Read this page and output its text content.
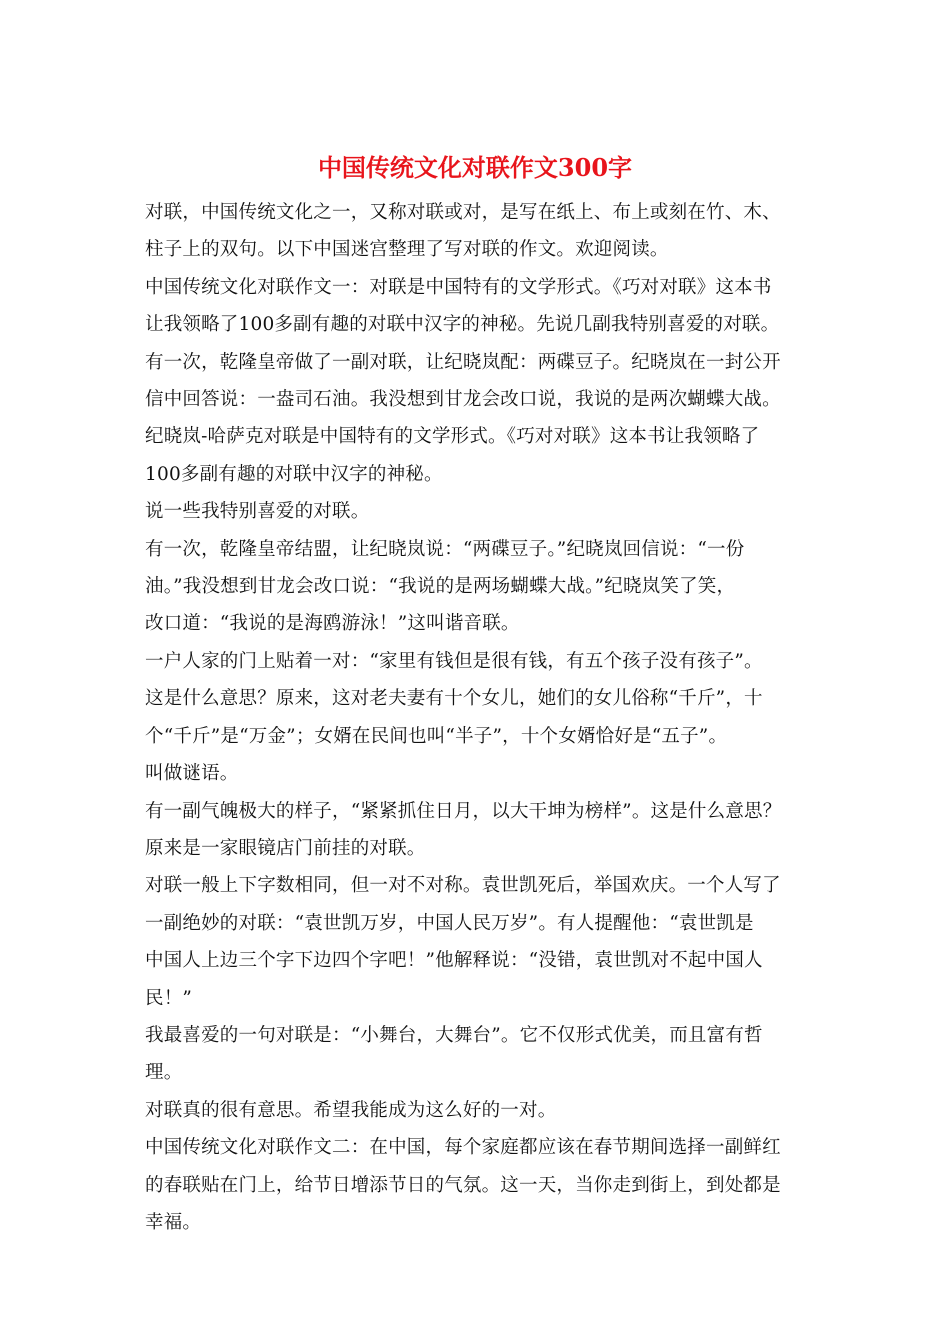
中国传统文化对联作文300字

对联，中国传统文化之一，又称对联或对，是写在纸上、布上或刻在竹、木、

柱子上的双句。以下中国迷宫整理了写对联的作文。欢迎阅读。

中国传统文化对联作文一：对联是中国特有的文学形式。《巧对对联》这本书

让我领略了100多副有趣的对联中汉字的神秘。先说几副我特别喜爱的对联。

有一次，乾隆皇帝做了一副对联，让纪晓岚配：两碟豆子。纪晓岚在一封公开

信中回答说：一盎司石油。我没想到甘龙会改口说，我说的是两次蝴蝶大战。

纪晓岚-哈萨克对联是中国特有的文学形式。《巧对对联》这本书让我领略了

100多副有趣的对联中汉字的神秘。

说一些我特别喜爱的对联。

有一次，乾隆皇帝结盟，让纪晓岚说：“两碟豆子。”纪晓岚回信说：“一份

油。”我没想到甘龙会改口说：“我说的是两场蝴蝶大战。”纪晓岚笑了笑，

改口道：“我说的是海鸥游泳！”这叫谐音联。

一户人家的门上贴着一对：“家里有钱但是很有钱，有五个孩子没有孩子”。

这是什么意思？原来，这对老夫妻有十个女儿，她们的女儿俗称“千斤”，十

个“千斤”是“万金”；女婿在民间也叫“半子”，十个女婿恰好是“五子”。

叫做谜语。

有一副气魄极大的样子，“紧紧抓住日月，以大干坤为榜样”。这是什么意思？

原来是一家眼镜店门前挂的对联。

对联一般上下字数相同，但一对不对称。袁世凯死后，举国欢庆。一个人写了

一副绝妙的对联：“袁世凯万岁，中国人民万岁”。有人提醒他：“袁世凯是

中国人上边三个字下边四个字吧！”他解释说：“没错，袁世凯对不起中国人

民！”

我最喜爱的一句对联是：“小舞台，大舞台”。它不仅形式优美，而且富有哲

理。

对联真的很有意思。希望我能成为这么好的一对。

中国传统文化对联作文二：在中国，每个家庭都应该在春节期间选择一副鲜红

的春联贴在门上，给节日增添节日的气氛。这一天，当你走到街上，到处都是

幸福。
